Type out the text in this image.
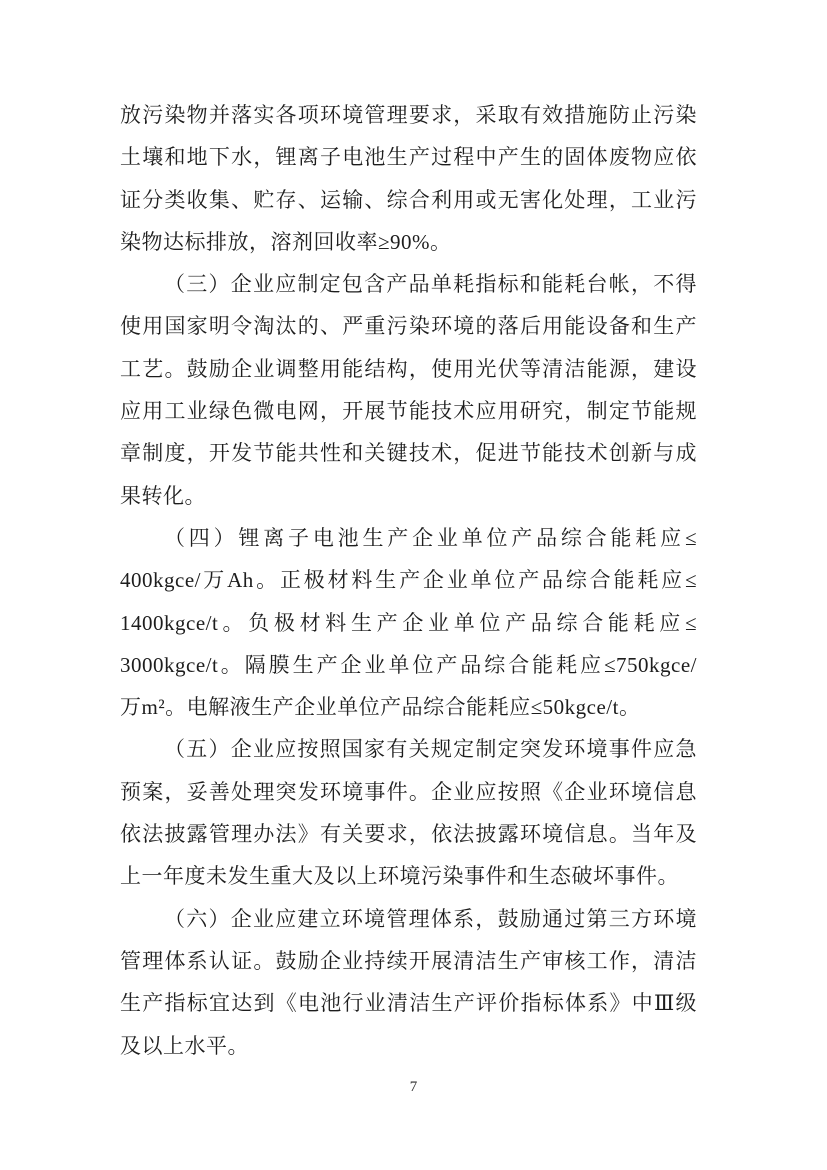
放污染物并落实各项环境管理要求，采取有效措施防止污染
土壤和地下水，锂离子电池生产过程中产生的固体废物应依
证分类收集、贮存、运输、综合利用或无害化处理，工业污
染物达标排放，溶剂回收率≥90%。
（三）企业应制定包含产品单耗指标和能耗台帐，不得
使用国家明令淘汰的、严重污染环境的落后用能设备和生产
工艺。鼓励企业调整用能结构，使用光伏等清洁能源，建设
应用工业绿色微电网，开展节能技术应用研究，制定节能规
章制度，开发节能共性和关键技术，促进节能技术创新与成
果转化。
（四）锂离子电池生产企业单位产品综合能耗应≤
400kgce/万Ah。正极材料生产企业单位产品综合能耗应≤
1400kgce/t。负极材料生产企业单位产品综合能耗应≤
3000kgce/t。隔膜生产企业单位产品综合能耗应≤750kgce/
万m²。电解液生产企业单位产品综合能耗应≤50kgce/t。
（五）企业应按照国家有关规定制定突发环境事件应急
预案，妥善处理突发环境事件。企业应按照《企业环境信息
依法披露管理办法》有关要求，依法披露环境信息。当年及
上一年度未发生重大及以上环境污染事件和生态破坏事件。
（六）企业应建立环境管理体系，鼓励通过第三方环境
管理体系认证。鼓励企业持续开展清洁生产审核工作，清洁
生产指标宜达到《电池行业清洁生产评价指标体系》中Ⅲ级
及以上水平。
7
